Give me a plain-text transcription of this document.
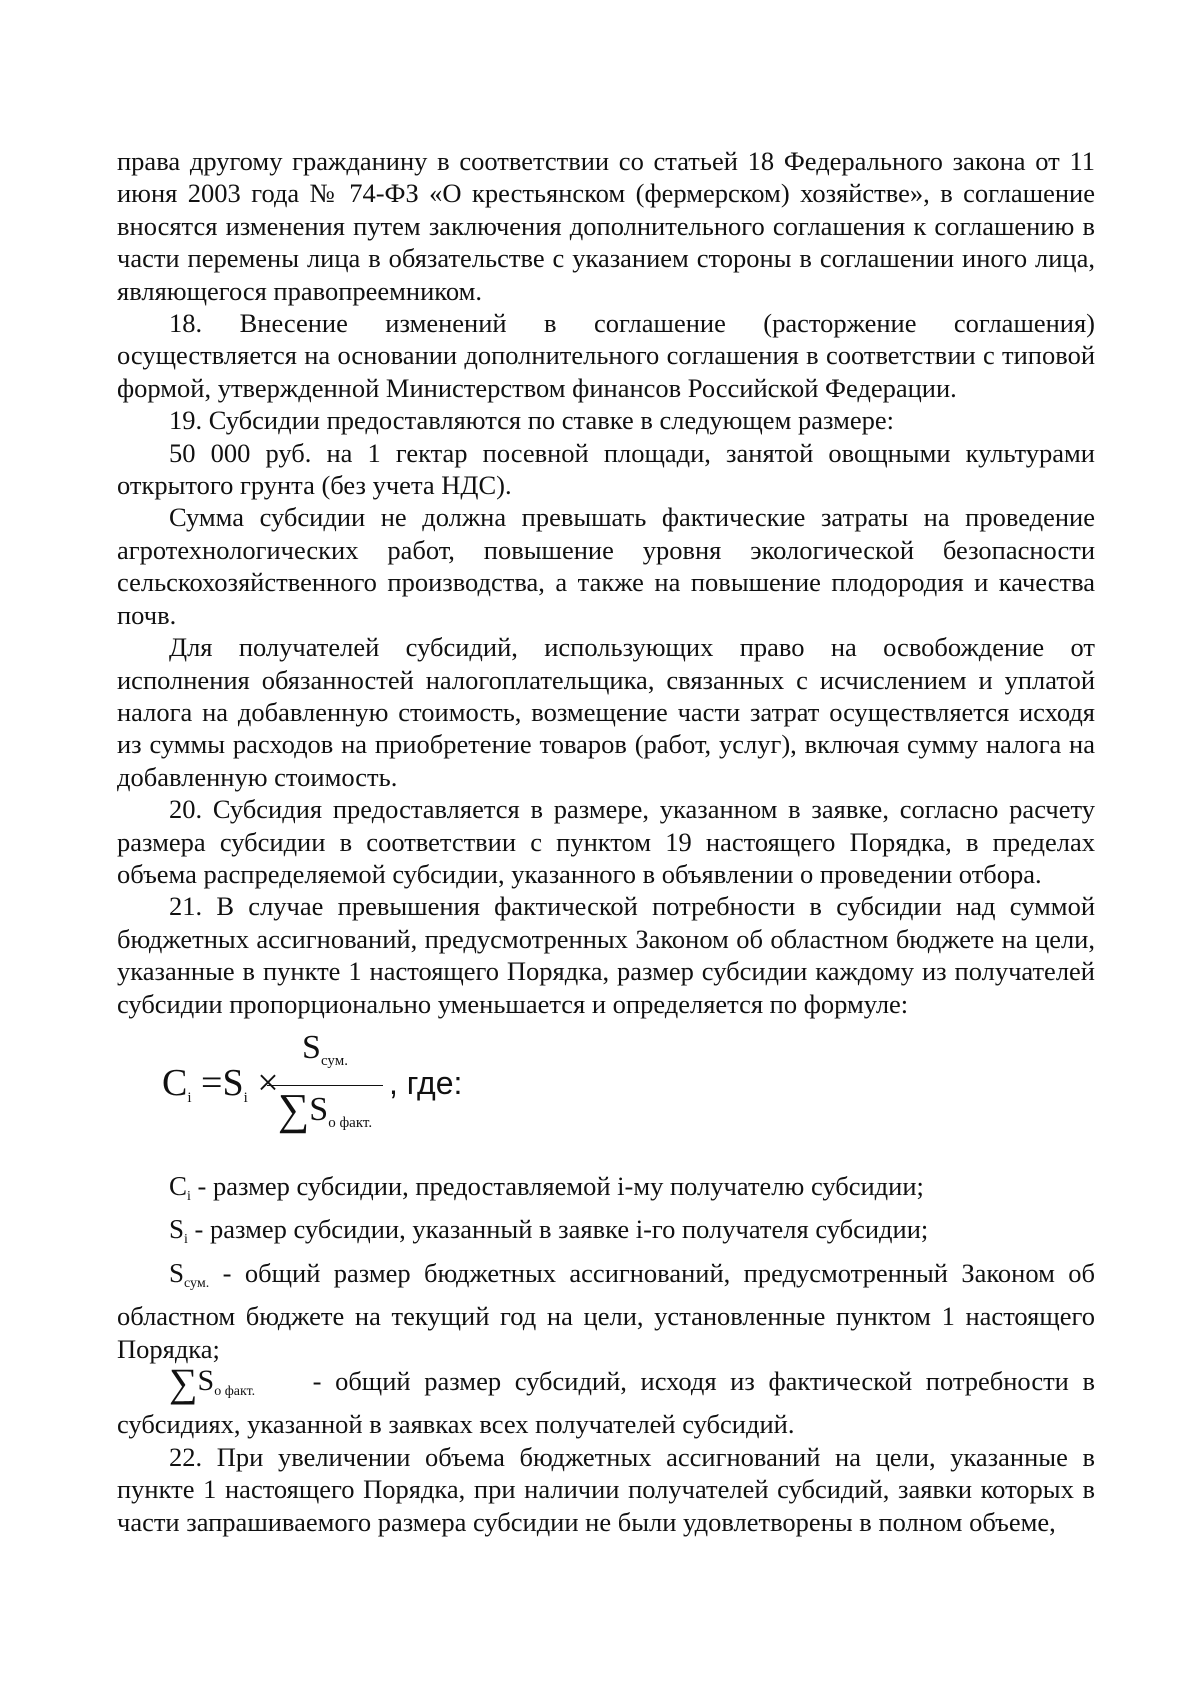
права другому гражданину в соответствии со статьей 18 Федерального закона от 11 июня 2003 года № 74-ФЗ «О крестьянском (фермерском) хозяйстве», в соглашение вносятся изменения путем заключения дополнительного соглашения к соглашению в части перемены лица в обязательстве с указанием стороны в соглашении иного лица, являющегося правопреемником.

18. Внесение изменений в соглашение (расторжение соглашения) осуществляется на основании дополнительного соглашения в соответствии с типовой формой, утвержденной Министерством финансов Российской Федерации.

19. Субсидии предоставляются по ставке в следующем размере:

50 000 руб. на 1 гектар посевной площади, занятой овощными культурами открытого грунта (без учета НДС).

Сумма субсидии не должна превышать фактические затраты на проведение агротехнологических работ, повышение уровня экологической безопасности сельскохозяйственного производства, а также на повышение плодородия и качества почв.

Для получателей субсидий, использующих право на освобождение от исполнения обязанностей налогоплательщика, связанных с исчислением и уплатой налога на добавленную стоимость, возмещение части затрат осуществляется исходя из суммы расходов на приобретение товаров (работ, услуг), включая сумму налога на добавленную стоимость.

20. Субсидия предоставляется в размере, указанном в заявке, согласно расчету размера субсидии в соответствии с пунктом 19 настоящего Порядка, в пределах объема распределяемой субсидии, указанного в объявлении о проведении отбора.

21. В случае превышения фактической потребности в субсидии над суммой бюджетных ассигнований, предусмотренных Законом об областном бюджете на цели, указанные в пункте 1 настоящего Порядка, размер субсидии каждому из получателей субсидии пропорционально уменьшается и определяется по формуле:

$C_i =S_i$ ×
$S_{сум.}$
$\sum S_{о факт.}$
, где:

Ci - размер субсидии, предоставляемой i-му получателю субсидии;

Si - размер субсидии, указанный в заявке i-го получателя субсидии;

Sсум. - общий размер бюджетных ассигнований, предусмотренный Законом об областном бюджете на текущий год на цели, установленные пунктом 1 настоящего Порядка;

∑Sо факт. - общий размер субсидий, исходя из фактической потребности в субсидиях, указанной в заявках всех получателей субсидий.

22. При увеличении объема бюджетных ассигнований на цели, указанные в пункте 1 настоящего Порядка, при наличии получателей субсидий, заявки которых в части запрашиваемого размера субсидии не были удовлетворены в полном объеме,
